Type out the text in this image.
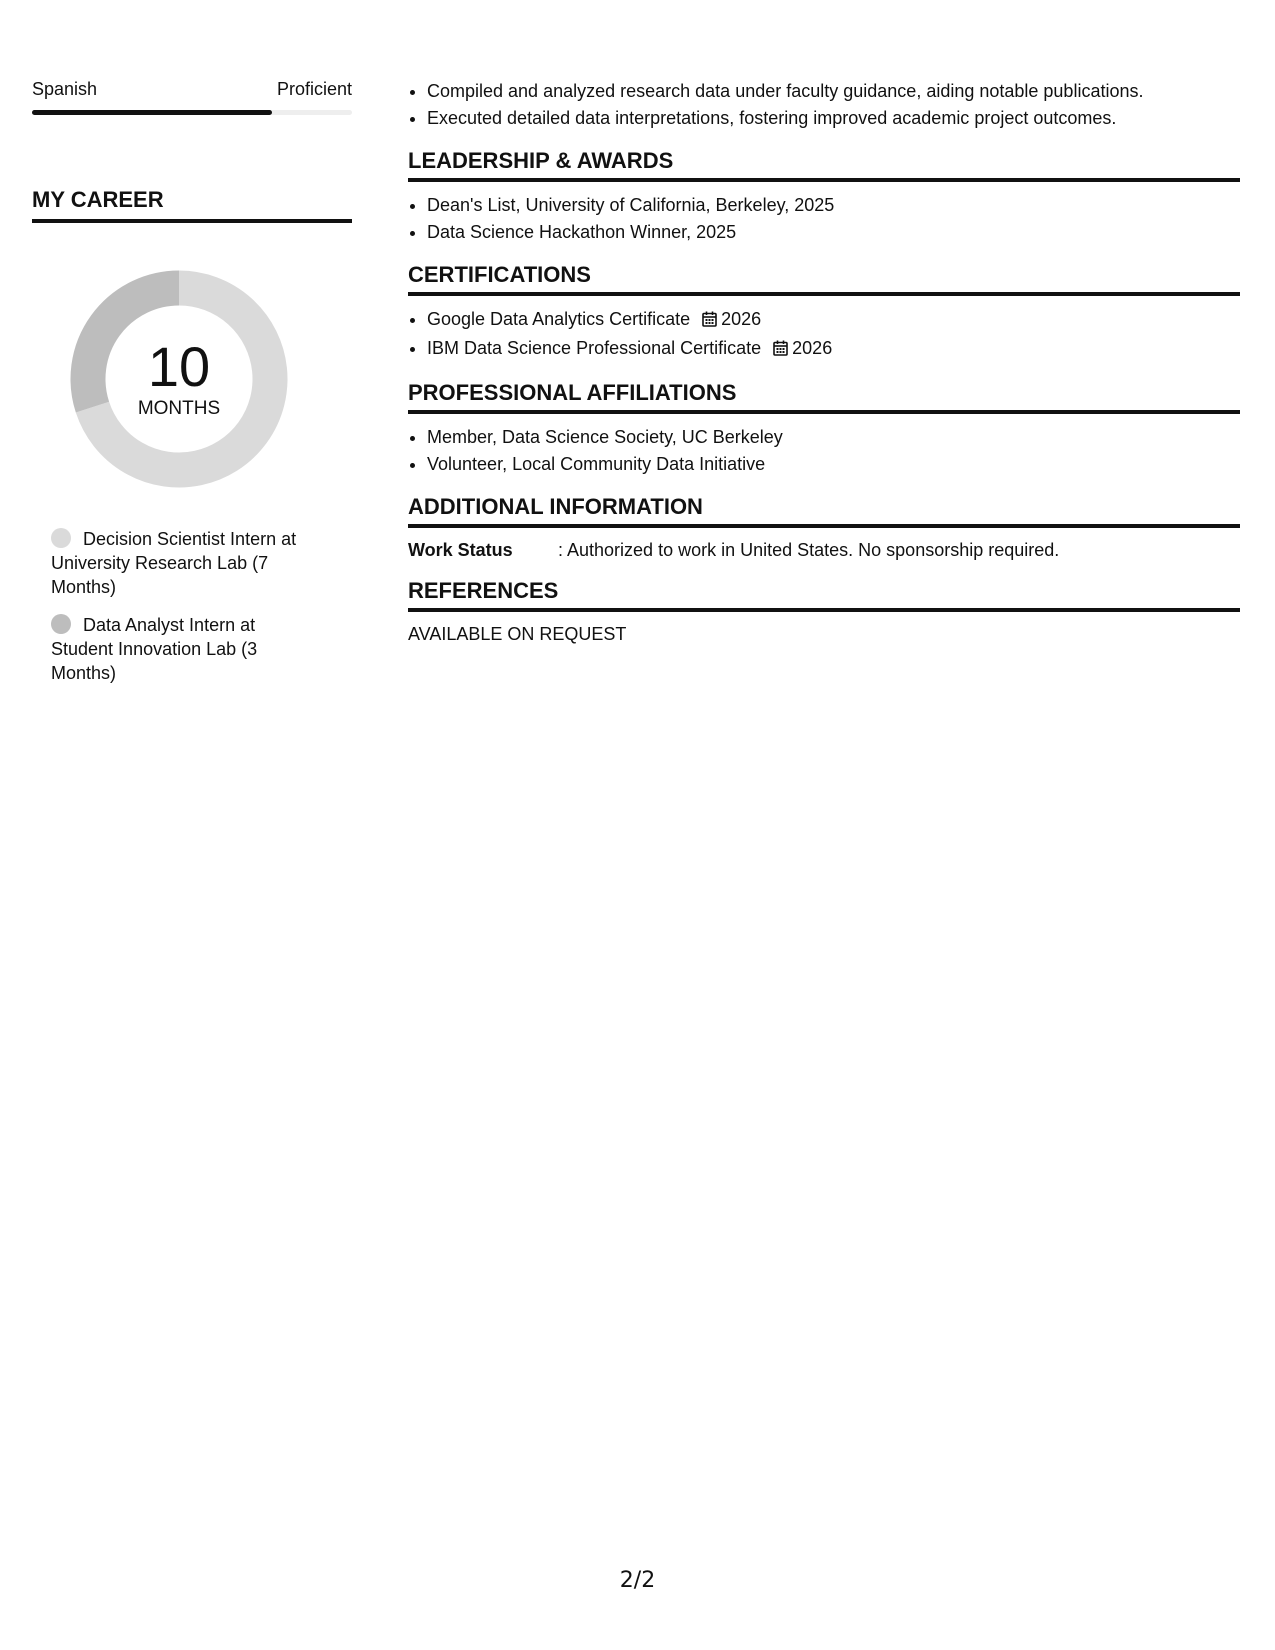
Spanish	Proficient
MY CAREER
10
MONTHS
Decision Scientist Intern at University Research Lab (7 Months)
Data Analyst Intern at Student Innovation Lab (3 Months)
• Compiled and analyzed research data under faculty guidance, aiding notable publications.
• Executed detailed data interpretations, fostering improved academic project outcomes.
LEADERSHIP & AWARDS
• Dean's List, University of California, Berkeley, 2025
• Data Science Hackathon Winner, 2025
CERTIFICATIONS
• Google Data Analytics Certificate 2026
• IBM Data Science Professional Certificate 2026
PROFESSIONAL AFFILIATIONS
• Member, Data Science Society, UC Berkeley
• Volunteer, Local Community Data Initiative
ADDITIONAL INFORMATION
Work Status	: Authorized to work in United States. No sponsorship required.
REFERENCES
AVAILABLE ON REQUEST
2/2
